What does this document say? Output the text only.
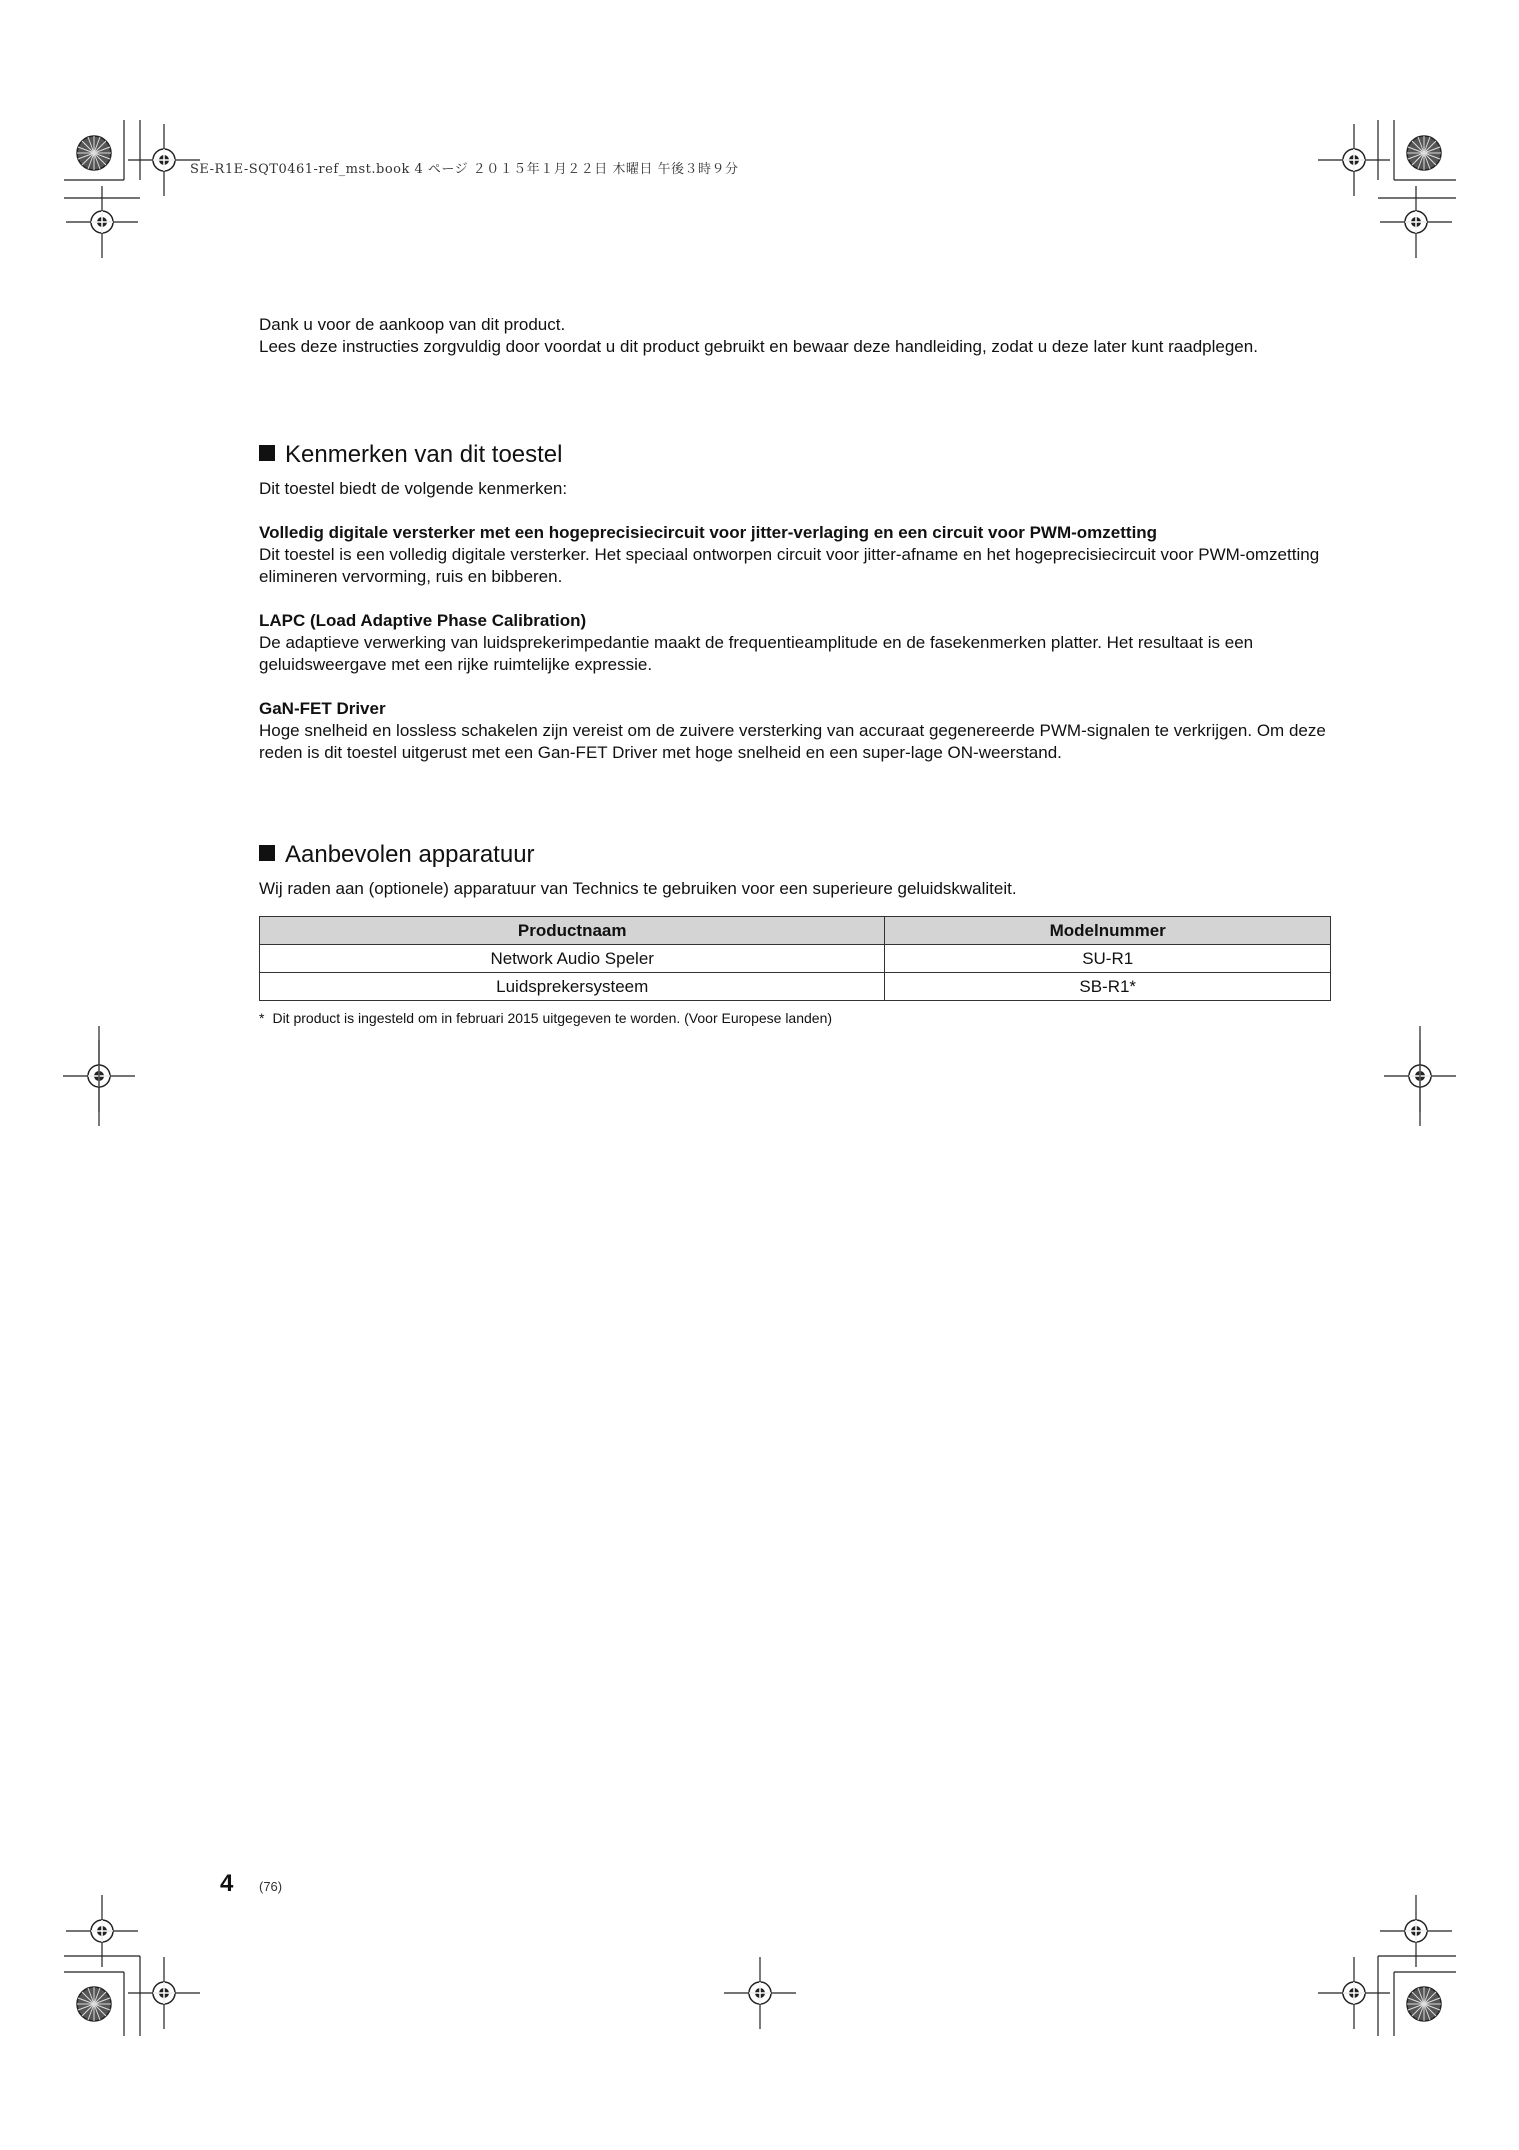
SE-R1E-SQT0461-ref_mst.book 4 ページ ２０１５年１月２２日 木曜日 午後３時９分

Dank u voor de aankoop van dit product.

Lees deze instructies zorgvuldig door voordat u dit product gebruikt en bewaar deze handleiding, zodat u deze later kunt raadplegen.

Kenmerken van dit toestel

Dit toestel biedt de volgende kenmerken:

Volledig digitale versterker met een hogeprecisiecircuit voor jitter-verlaging en een circuit voor PWM-omzetting

Dit toestel is een volledig digitale versterker. Het speciaal ontworpen circuit voor jitter-afname en het hogeprecisiecircuit voor PWM-omzetting elimineren vervorming, ruis en bibberen.

LAPC (Load Adaptive Phase Calibration)

De adaptieve verwerking van luidsprekerimpedantie maakt de frequentieamplitude en de fasekenmerken platter. Het resultaat is een geluidsweergave met een rijke ruimtelijke expressie.

GaN-FET Driver

Hoge snelheid en lossless schakelen zijn vereist om de zuivere versterking van accuraat gegenereerde PWM-signalen te verkrijgen. Om deze reden is dit toestel uitgerust met een Gan-FET Driver met hoge snelheid en een super-lage ON-weerstand.

Aanbevolen apparatuur

Wij raden aan (optionele) apparatuur van Technics te gebruiken voor een superieure geluidskwaliteit.

Productnaam	Modelnummer
Network Audio Speler	SU-R1
Luidsprekersysteem	SB-R1*
* Dit product is ingesteld om in februari 2015 uitgegeven te worden. (Voor Europese landen)
4 (76)
